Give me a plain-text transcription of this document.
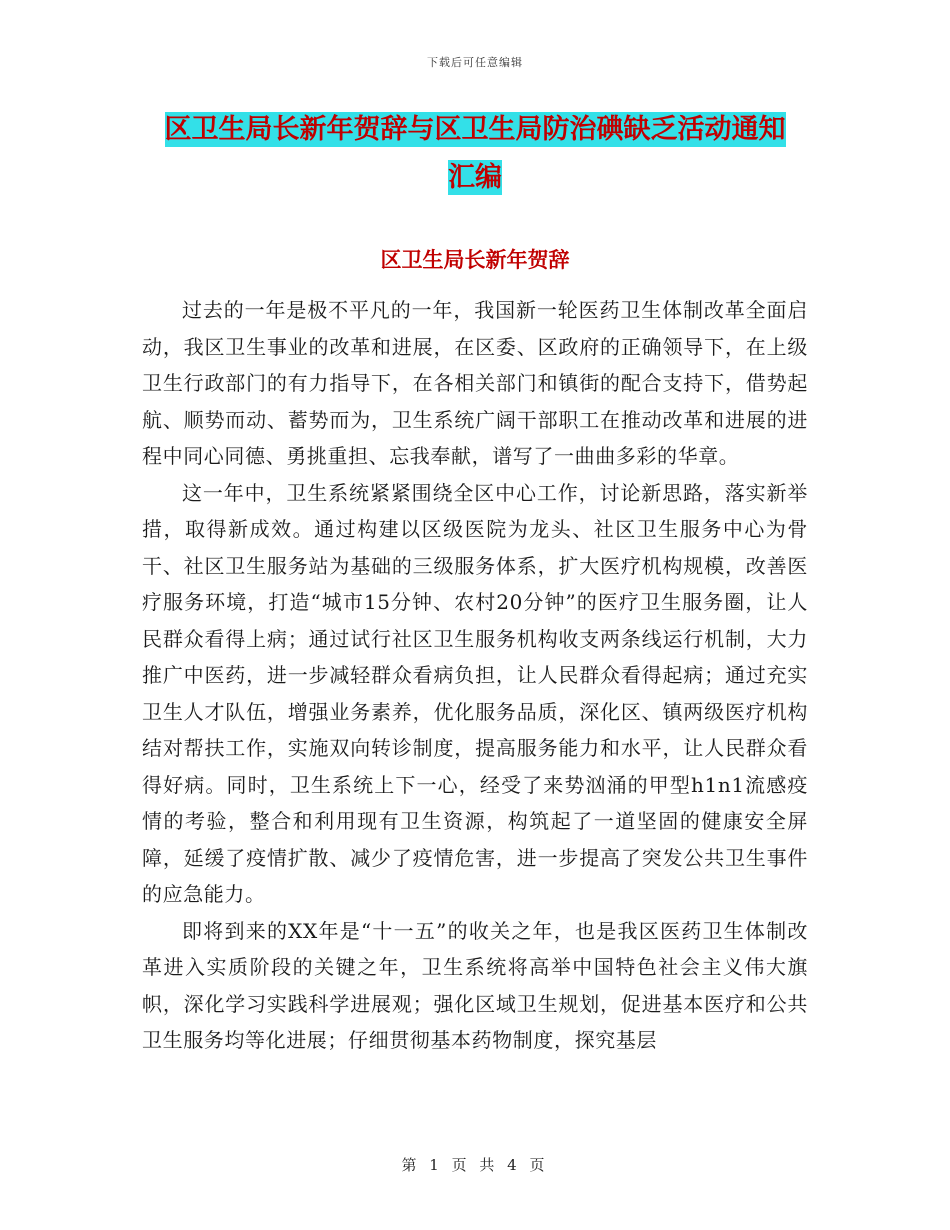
下载后可任意编辑
区卫生局长新年贺辞与区卫生局防治碘缺乏活动通知
汇编
区卫生局长新年贺辞

过去的一年是极不平凡的一年，我国新一轮医药卫生体制改革全面启动，我区卫生事业的改革和进展，在区委、区政府的正确领导下，在上级卫生行政部门的有力指导下，在各相关部门和镇街的配合支持下，借势起航、顺势而动、蓄势而为，卫生系统广阔干部职工在推动改革和进展的进程中同心同德、勇挑重担、忘我奉献，谱写了一曲曲多彩的华章。

这一年中，卫生系统紧紧围绕全区中心工作，讨论新思路，落实新举措，取得新成效。通过构建以区级医院为龙头、社区卫生服务中心为骨干、社区卫生服务站为基础的三级服务体系，扩大医疗机构规模，改善医疗服务环境，打造“城市15分钟、农村20分钟”的医疗卫生服务圈，让人民群众看得上病；通过试行社区卫生服务机构收支两条线运行机制，大力推广中医药，进一步减轻群众看病负担，让人民群众看得起病；通过充实卫生人才队伍，增强业务素养，优化服务品质，深化区、镇两级医疗机构结对帮扶工作，实施双向转诊制度，提高服务能力和水平，让人民群众看得好病。同时，卫生系统上下一心，经受了来势汹涌的甲型h1n1流感疫情的考验，整合和利用现有卫生资源，构筑起了一道坚固的健康安全屏障，延缓了疫情扩散、减少了疫情危害，进一步提高了突发公共卫生事件的应急能力。

即将到来的XX年是“十一五”的收关之年，也是我区医药卫生体制改革进入实质阶段的关键之年，卫生系统将高举中国特色社会主义伟大旗帜，深化学习实践科学进展观；强化区域卫生规划，促进基本医疗和公共卫生服务均等化进展；仔细贯彻基本药物制度，探究基层

第 1 页 共 4 页
